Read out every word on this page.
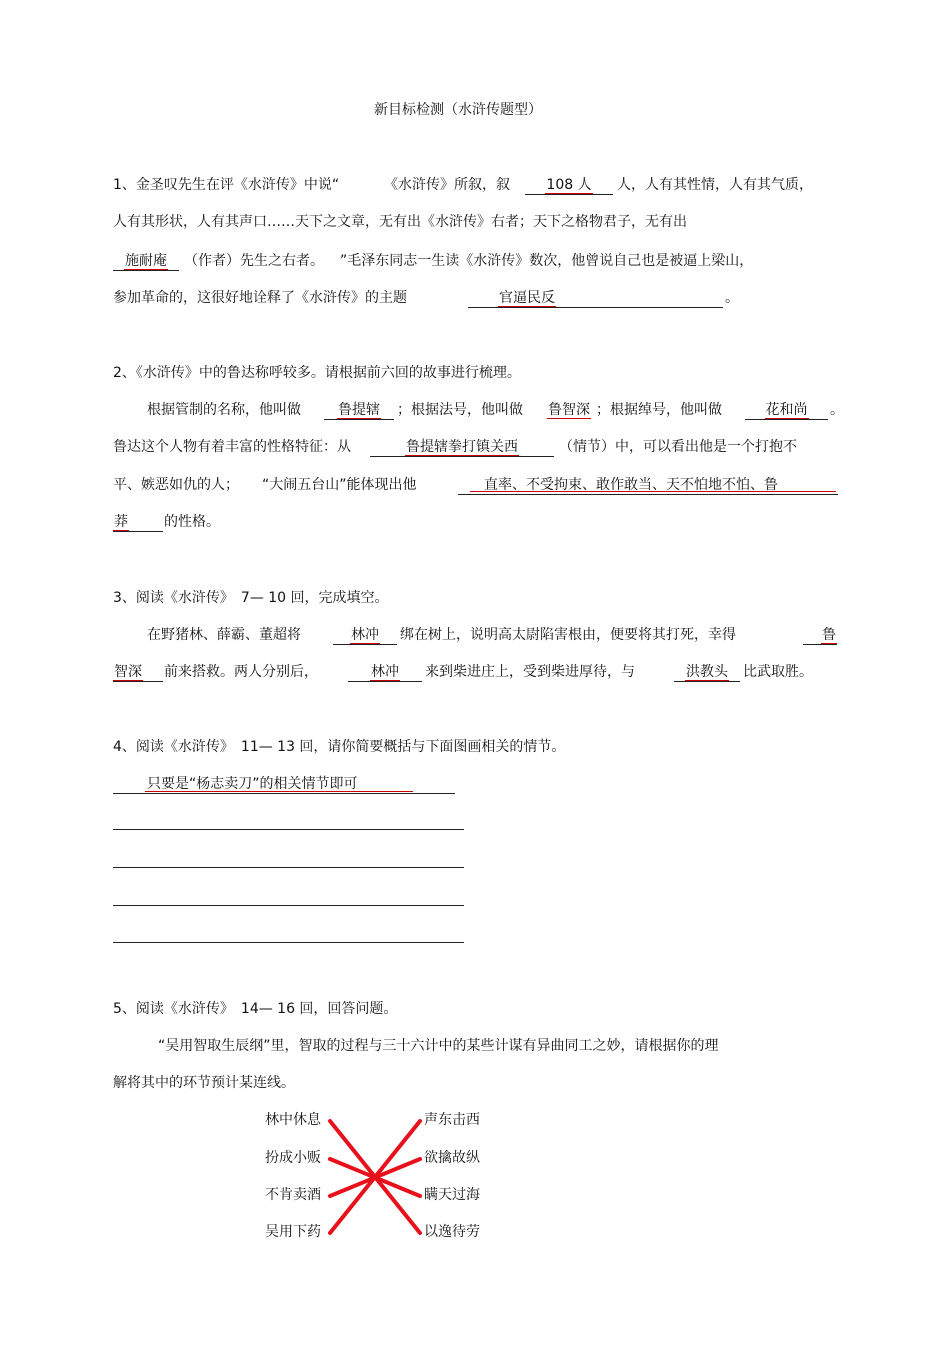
新目标检测（水浒传题型）
1、金圣叹先生在评《水浒传》中说“	《水浒传》所叙，叙	108 人	人，人有其性情，人有其气质，
人有其形状，人有其声口……天下之文章，无有出《水浒传》右者；天下之格物君子，无有出
施耐庵	（作者）先生之右者。 ”毛泽东同志一生读《水浒传》数次，他曾说自己也是被逼上梁山，
参加革命的，这很好地诠释了《水浒传》的主题	官逼民反	。
2、《水浒传》中的鲁达称呼较多。请根据前六回的故事进行梳理。
根据管制的名称，他叫做	鲁提辖	；根据法号，他叫做 鲁智深 ；根据绰号，他叫做	花和尚	。
鲁达这个人物有着丰富的性格特征：从	鲁提辖拳打镇关西	（情节）中，可以看出他是一个打抱不
平、嫉恶如仇的人； “大闹五台山”能体现出他	直率、不受拘束、敢作敢当、天不怕地不怕、鲁
莽	的性格。
3、阅读《水浒传》　7— 10 回，完成填空。
在野猪林、薛霸、董超将	林冲	绑在树上，说明高太尉陷害根由，便要将其打死，幸得	鲁
智深 前来搭救。两人分别后，	林冲	来到柴进庄上，受到柴进厚待，与	洪教头	比武取胜。
4、阅读《水浒传》　11— 13 回，请你简要概括与下面图画相关的情节。
只要是“杨志卖刀”的相关情节即可
5、阅读《水浒传》　14— 16 回，回答问题。
“吴用智取生辰纲”里，智取的过程与三十六计中的某些计谋有异曲同工之妙，请根据你的理
解将其中的环节预计某连线。
林中休息
扮成小贩
不肯卖酒
吴用下药
声东击西
欲擒故纵
瞒天过海
以逸待劳
